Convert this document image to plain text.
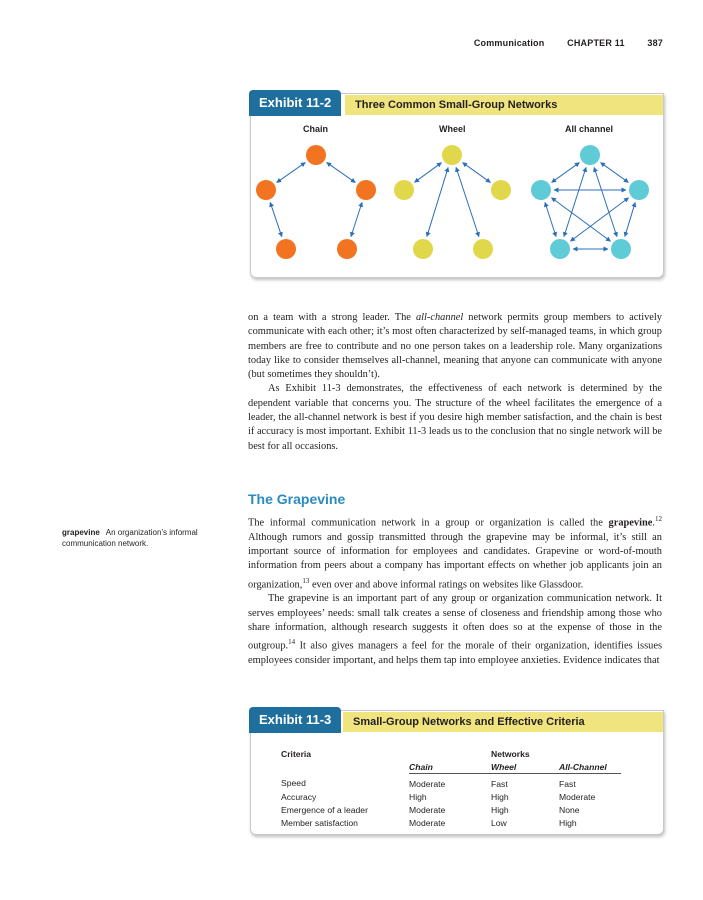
Communication	CHAPTER 11	387
Three Common Small-Group Networks
Exhibit 11-2
Chain	Wheel	All channel

on a team with a strong leader. The all-channel network permits group members to actively communicate with each other; it’s most often characterized by self-managed teams, in which group members are free to contribute and no one person takes on a leadership role. Many organizations today like to consider themselves all-channel, meaning that anyone can communicate with anyone (but sometimes they shouldn’t).

As Exhibit 11-3 demonstrates, the effectiveness of each network is determined by the dependent variable that concerns you. The structure of the wheel facilitates the emergence of a leader, the all-channel network is best if you desire high member satisfaction, and the chain is best if accuracy is most important. Exhibit 11-3 leads us to the conclusion that no single network will be best for all occasions.

The Grapevine
grapevine An organization’s informal communication network.

The informal communication network in a group or organization is called the grapevine.$^{12}$ Although rumors and gossip transmitted through the grapevine may be informal, it’s still an important source of information for employees and candidates. Grapevine or word-of-mouth information from peers about a company has important effects on whether job applicants join an organization,$^{13}$ even over and above informal ratings on websites like Glassdoor.

The grapevine is an important part of any group or organization communication network. It serves employees’ needs: small talk creates a sense of closeness and friendship among those who share information, although research suggests it often does so at the expense of those in the outgroup.$^{14}$ It also gives managers a feel for the morale of their organization, identifies issues employees consider important, and helps them tap into employee anxieties. Evidence indicates that

Small-Group Networks and Effective Criteria
Exhibit 11-3
Criteria		Networks	
	Chain	Wheel	All-Channel
Speed	Moderate	Fast	Fast
Accuracy	High	High	Moderate
Emergence of a leader	Moderate	High	None
Member satisfaction	Moderate	Low	High
